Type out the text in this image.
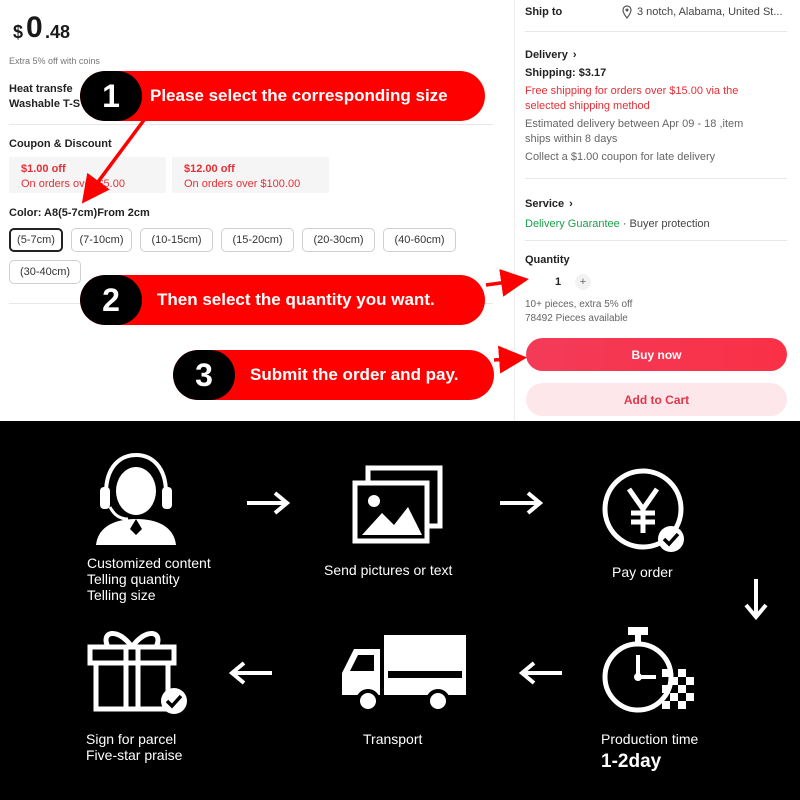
$ 0 .48
Extra 5% off with coins
Heat transfe
Washable T-S
Coupon & Discount
$1.00 off
On orders over $5.00
$12.00 off
On orders over $100.00
Color: A8(5-7cm)From 2cm
(5-7cm)	(7-10cm)	(10-15cm)	(15-20cm)	(20-30cm)	(40-60cm)
(30-40cm)
Ship to	3 notch, Alabama, United St...
Delivery ›
Shipping: $3.17
Free shipping for orders over $15.00 via the
selected shipping method
Estimated delivery between Apr 09 - 18 ,item
ships within 8 days
Collect a $1.00 coupon for late delivery
Service ›
Delivery Guarantee · Buyer protection
Quantity
1	+
10+ pieces, extra 5% off
78492 Pieces available
Buy now
Add to Cart
1	Please select the corresponding size
2	Then select the quantity you want.
3	Submit the order and pay.
Customized content
Telling quantity
Telling size
Send pictures or text	Pay order
Sign for parcel
Five-star praise
Transport	Production time
1-2day
